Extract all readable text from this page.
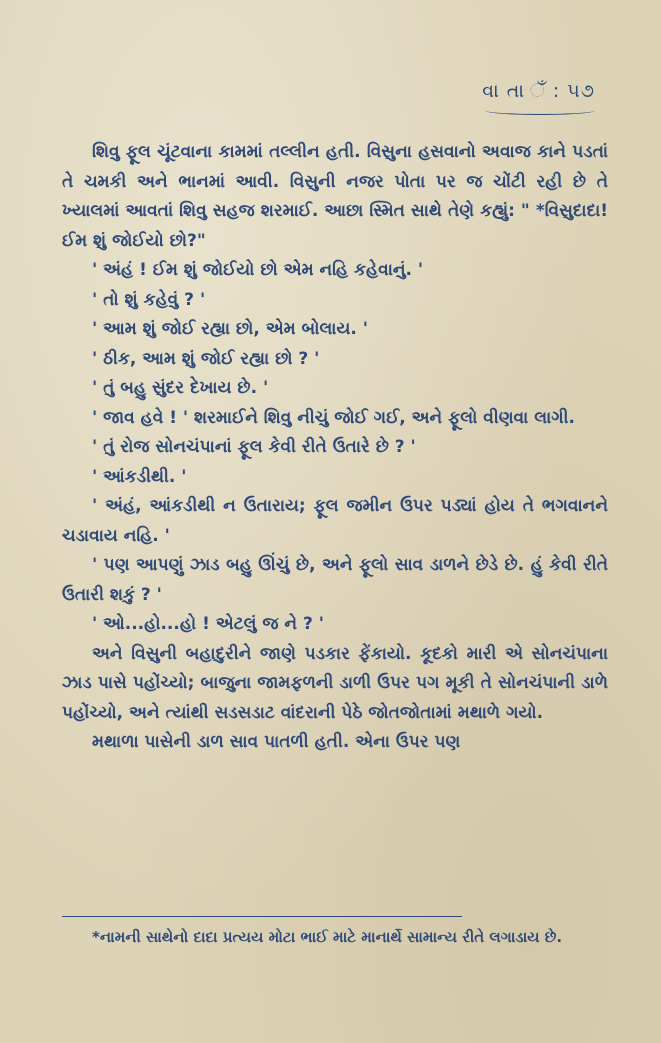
વા તા ઁ : ૫૭

શિવુ ફૂલ ચૂંટવાના કામમાં તલ્લીન હતી. વિસુના હસવાનો અવાજ કાને પડતાં તે ચમકી અને ભાનમાં આવી. વિસુની નજર પોતા પર જ ચોંટી રહી છે તે ખ્યાલમાં આવતાં શિવુ સહજ શરમાઈ. આછા સ્મિત સાથે તેણે કહ્યું: " *વિસુદાદા! ઈમ શું જોઈયો છો?"

' અંહં ! ઈમ શું જોઈયો છો એમ નહિ કહેવાનું. '

' તો શું કહેવું ? '

' આમ શું જોઈ રહ્યા છો, એમ બોલાય. '

' ઠીક, આમ શું જોઈ રહ્યા છો ? '

' તું બહુ સુંદર દેખાય છે. '

' જાવ હવે ! ' શરમાઈને શિવુ નીચું જોઈ ગઈ, અને ફૂલો વીણવા લાગી.

' તું રોજ સોનચંપાનાં ફૂલ કેવી રીતે ઉતારે છે ? '

' આંકડીથી. '

' અંહં, આંકડીથી ન ઉતારાય; ફૂલ જમીન ઉપર પડ્યાં હોય તે ભગવાનને ચડાવાય નહિ. '

' પણ આપણું ઝાડ બહુ ઊંચું છે, અને ફૂલો સાવ ડાળને છેડે છે. હું કેવી રીતે ઉતારી શકું ? '

' ઓ...હો...હો ! એટલું જ ને ? '

અને વિસુની બહાદુરીને જાણે પડકાર ફેંકાયો. કૂદકો મારી એ સોનચંપાના ઝાડ પાસે પહોંચ્યો; બાજુના જામફળની ડાળી ઉપર પગ મૂકી તે સોનચંપાની ડાળે પહોંચ્યો, અને ત્યાંથી સડસડાટ વાંદરાની પેઠે જોતજોતામાં મથાળે ગયો.

મથાળા પાસેની ડાળ સાવ પાતળી હતી. એના ઉપર પણ

*નામની સાથેનો દાદા પ્રત્યય મોટા ભાઈ માટે માનાર્થે સામાન્ય રીતે લગાડાય છે.
